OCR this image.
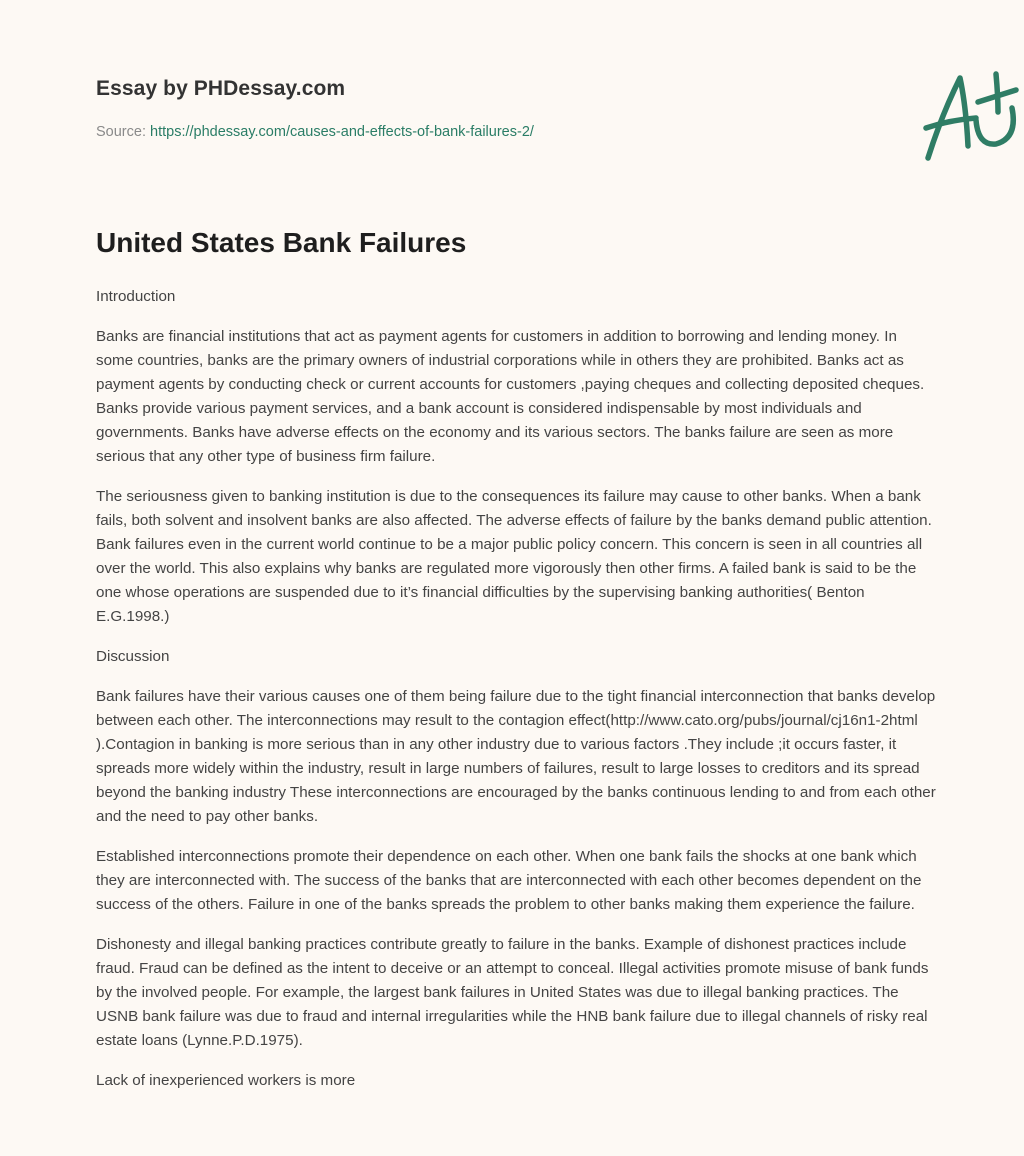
Essay by PHDessay.com
Source: https://phdessay.com/causes-and-effects-of-bank-failures-2/
United States Bank Failures

Introduction

Banks are financial institutions that act as payment agents for customers in addition to borrowing and lending money. In some countries, banks are the primary owners of industrial corporations while in others they are prohibited. Banks act as payment agents by conducting check or current accounts for customers ,paying cheques and collecting deposited cheques. Banks provide various payment services, and a bank account is considered indispensable by most individuals and governments. Banks have adverse effects on the economy and its various sectors. The banks failure are seen as more serious that any other type of business firm failure.

The seriousness given to banking institution is due to the consequences its failure may cause to other banks. When a bank fails, both solvent and insolvent banks are also affected. The adverse effects of failure by the banks demand public attention. Bank failures even in the current world continue to be a major public policy concern. This concern is seen in all countries all over the world. This also explains why banks are regulated more vigorously then other firms. A failed bank is said to be the one whose operations are suspended due to it’s financial difficulties by the supervising banking authorities( Benton E.G.1998.)

Discussion

Bank failures have their various causes one of them being failure due to the tight financial interconnection that banks develop between each other. The interconnections may result to the contagion effect(http://www.cato.org/pubs/journal/cj16n1-2html ).Contagion in banking is more serious than in any other industry due to various factors .They include ;it occurs faster, it spreads more widely within the industry, result in large numbers of failures, result to large losses to creditors and its spread beyond the banking industry These interconnections are encouraged by the banks continuous lending to and from each other and the need to pay other banks.

Established interconnections promote their dependence on each other. When one bank fails the shocks at one bank which they are interconnected with. The success of the banks that are interconnected with each other becomes dependent on the success of the others. Failure in one of the banks spreads the problem to other banks making them experience the failure.

Dishonesty and illegal banking practices contribute greatly to failure in the banks. Example of dishonest practices include fraud. Fraud can be defined as the intent to deceive or an attempt to conceal. Illegal activities promote misuse of bank funds by the involved people. For example, the largest bank failures in United States was due to illegal banking practices. The USNB bank failure was due to fraud and internal irregularities while the HNB bank failure due to illegal channels of risky real estate loans (Lynne.P.D.1975).

Lack of inexperienced workers is more
